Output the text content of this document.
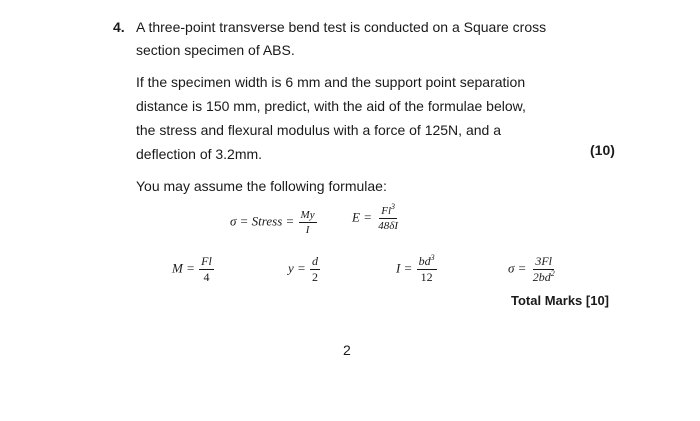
4. A three-point transverse bend test is conducted on a Square cross
section specimen of ABS.
If the specimen width is 6 mm and the support point separation
distance is 150 mm, predict, with the aid of the formulae below,
the stress and flexural modulus with a force of 125N, and a
deflection of 3.2mm.	(10)
You may assume the following formulae:
σ = Stress = $\frac{My}{I}$	$E = \frac{Fl^3}{48\delta I}$
$M = \frac{Fl}{4}$	$y = \frac{d}{2}$	$I = \frac{bd^3}{12}$	$\sigma = \frac{3Fl}{2bd^2}$
Total Marks [10]
2
